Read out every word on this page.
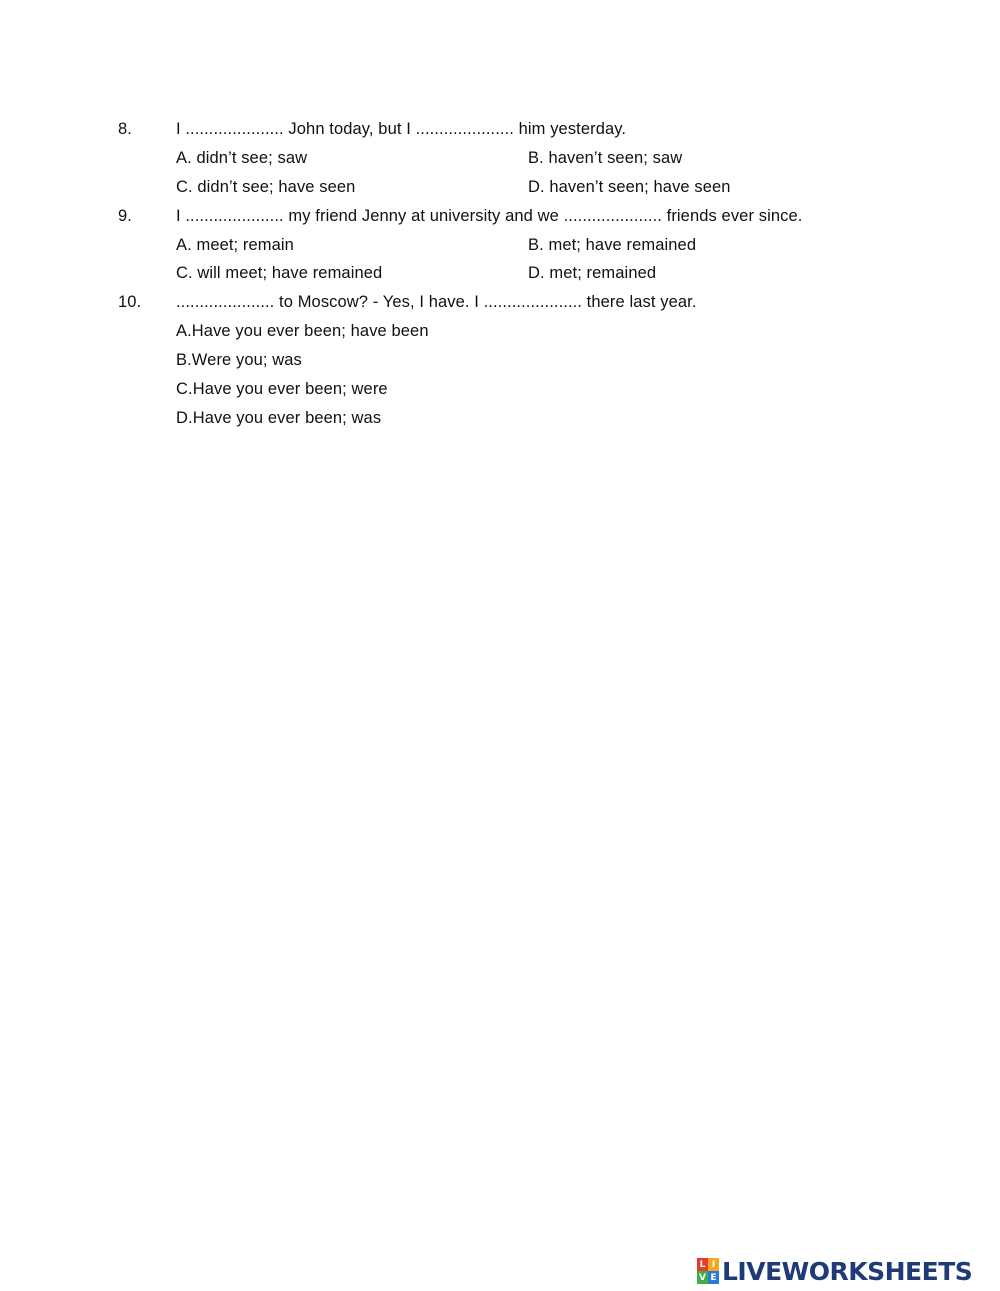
8.	I ..................... John today, but I ..................... him yesterday.
A. didn’t see; saw	B. haven’t seen; saw
C. didn’t see; have seen	D. haven’t seen; have seen
9.	I ..................... my friend Jenny at university and we ..................... friends ever since.
A. meet; remain	B. met; have remained
C. will meet; have remained	D. met; remained
10. ..................... to Moscow? - Yes, I have. I ..................... there last year.
A.Have you ever been; have been
B.Were you; was
C.Have you ever been; were
D.Have you ever been; was
L I
V E LIVEWORKSHEETS
